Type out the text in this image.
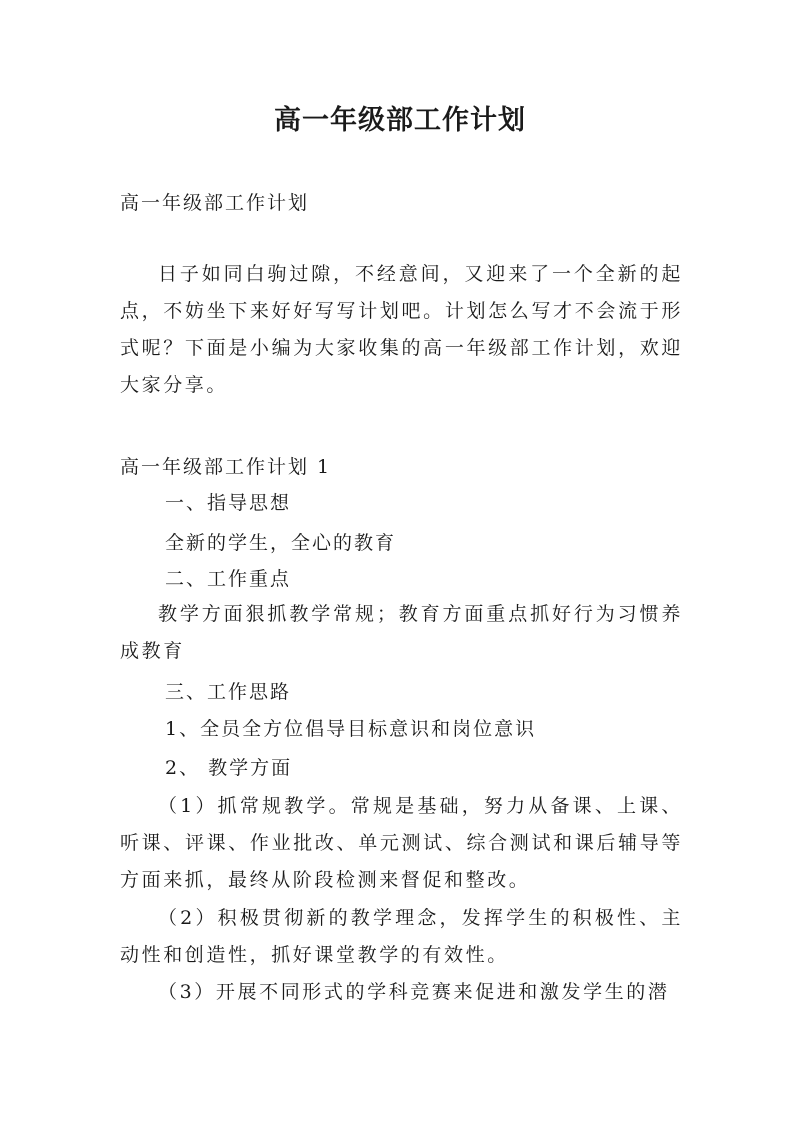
高一年级部工作计划
高一年级部工作计划
日子如同白驹过隙，不经意间，又迎来了一个全新的起点，不妨坐下来好好写写计划吧。计划怎么写才不会流于形式呢？下面是小编为大家收集的高一年级部工作计划，欢迎大家分享。
高一年级部工作计划 1
一、指导思想
全新的学生，全心的教育
二、工作重点
教学方面狠抓教学常规；教育方面重点抓好行为习惯养成教育
三、工作思路
1、全员全方位倡导目标意识和岗位意识
2、 教学方面
（1）抓常规教学。常规是基础，努力从备课、上课、听课、评课、作业批改、单元测试、综合测试和课后辅导等方面来抓，最终从阶段检测来督促和整改。
（2）积极贯彻新的教学理念，发挥学生的积极性、主动性和创造性，抓好课堂教学的有效性。
（3）开展不同形式的学科竞赛来促进和激发学生的潜
